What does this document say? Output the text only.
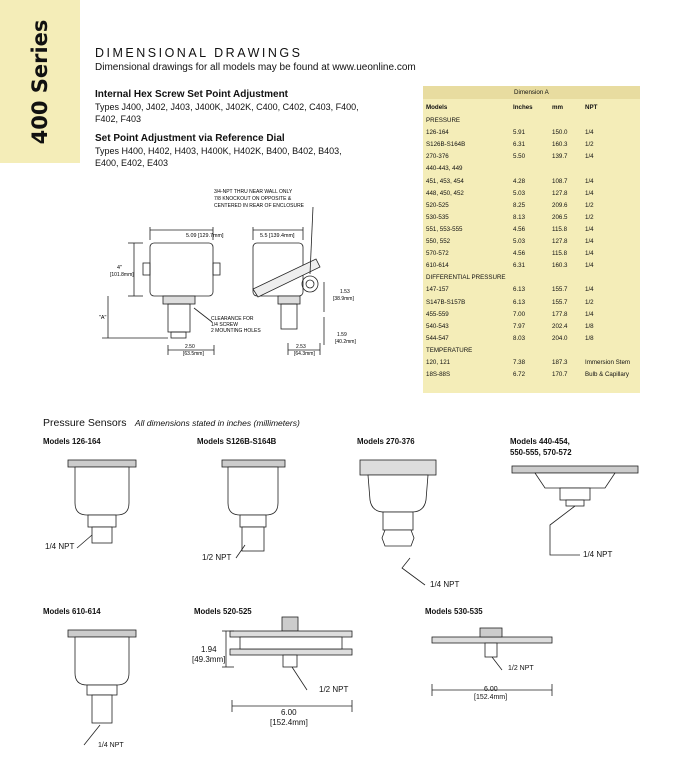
400 Series	DIMENSIONAL DRAWINGS
Dimensional drawings for all models may be found at www.ueonline.com
Internal Hex Screw Set Point Adjustment
Types J400, J402, J403, J400K, J402K, C400, C402, C403, F400,
F402, F403
Set Point Adjustment via Reference Dial
Types H400, H402, H403, H400K, H402K, B400, B402, B403,
E400, E402, E403
5.09 [129.7mm]	5.5 [139.4mm]
4"
[101.8mm]
"A"
3/4-NPT THRU NEAR WALL ONLY
7/8 KNOCKOUT ON OPPOSITE &
CENTERED IN REAR OF ENCLOSURE
CLEARANCE FOR
1/4 SCREW
2 MOUNTING HOLES
2.50
[63.5mm]
2.53
[64.3mm]
1.53
[38.9mm]
1.59
[40.2mm]
Dimension A
Models	Inches	mm	NPT
PRESSURE
126-164	5.91	150.0	1/4
S126B-S164B	6.31	160.3	1/2
270-376	5.50	139.7	1/4
440-443, 449
451, 453, 454	4.28	108.7	1/4
448, 450, 452	5.03	127.8	1/4
520-525	8.25	209.6	1/2
530-535	8.13	206.5	1/2
551, 553-555	4.56	115.8	1/4
550, 552	5.03	127.8	1/4
570-572	4.56	115.8	1/4
610-614	6.31	160.3	1/4
DIFFERENTIAL PRESSURE
147-157	6.13	155.7	1/4
S147B-S157B	6.13	155.7	1/2
455-559	7.00	177.8	1/4
540-543	7.97	202.4	1/8
544-547	8.03	204.0	1/8
TEMPERATURE
120, 121	7.38	187.3	Immersion Stem
18S-88S	6.72	170.7	Bulb & Capillary
Pressure Sensors All dimensions stated in inches (millimeters)
Models 126-164	Models S126B-S164B	Models 270-376	Models 440-454,
550-555, 570-572
Models 610-614	Models 520-525	Models 530-535
1/4 NPT
1/2 NPT
1/4 NPT
1/4 NPT
1/4 NPT
1/2 NPT
1/2 NPT
1.94
[49.3mm]
6.00
[152.4mm]
6.00
[152.4mm]
